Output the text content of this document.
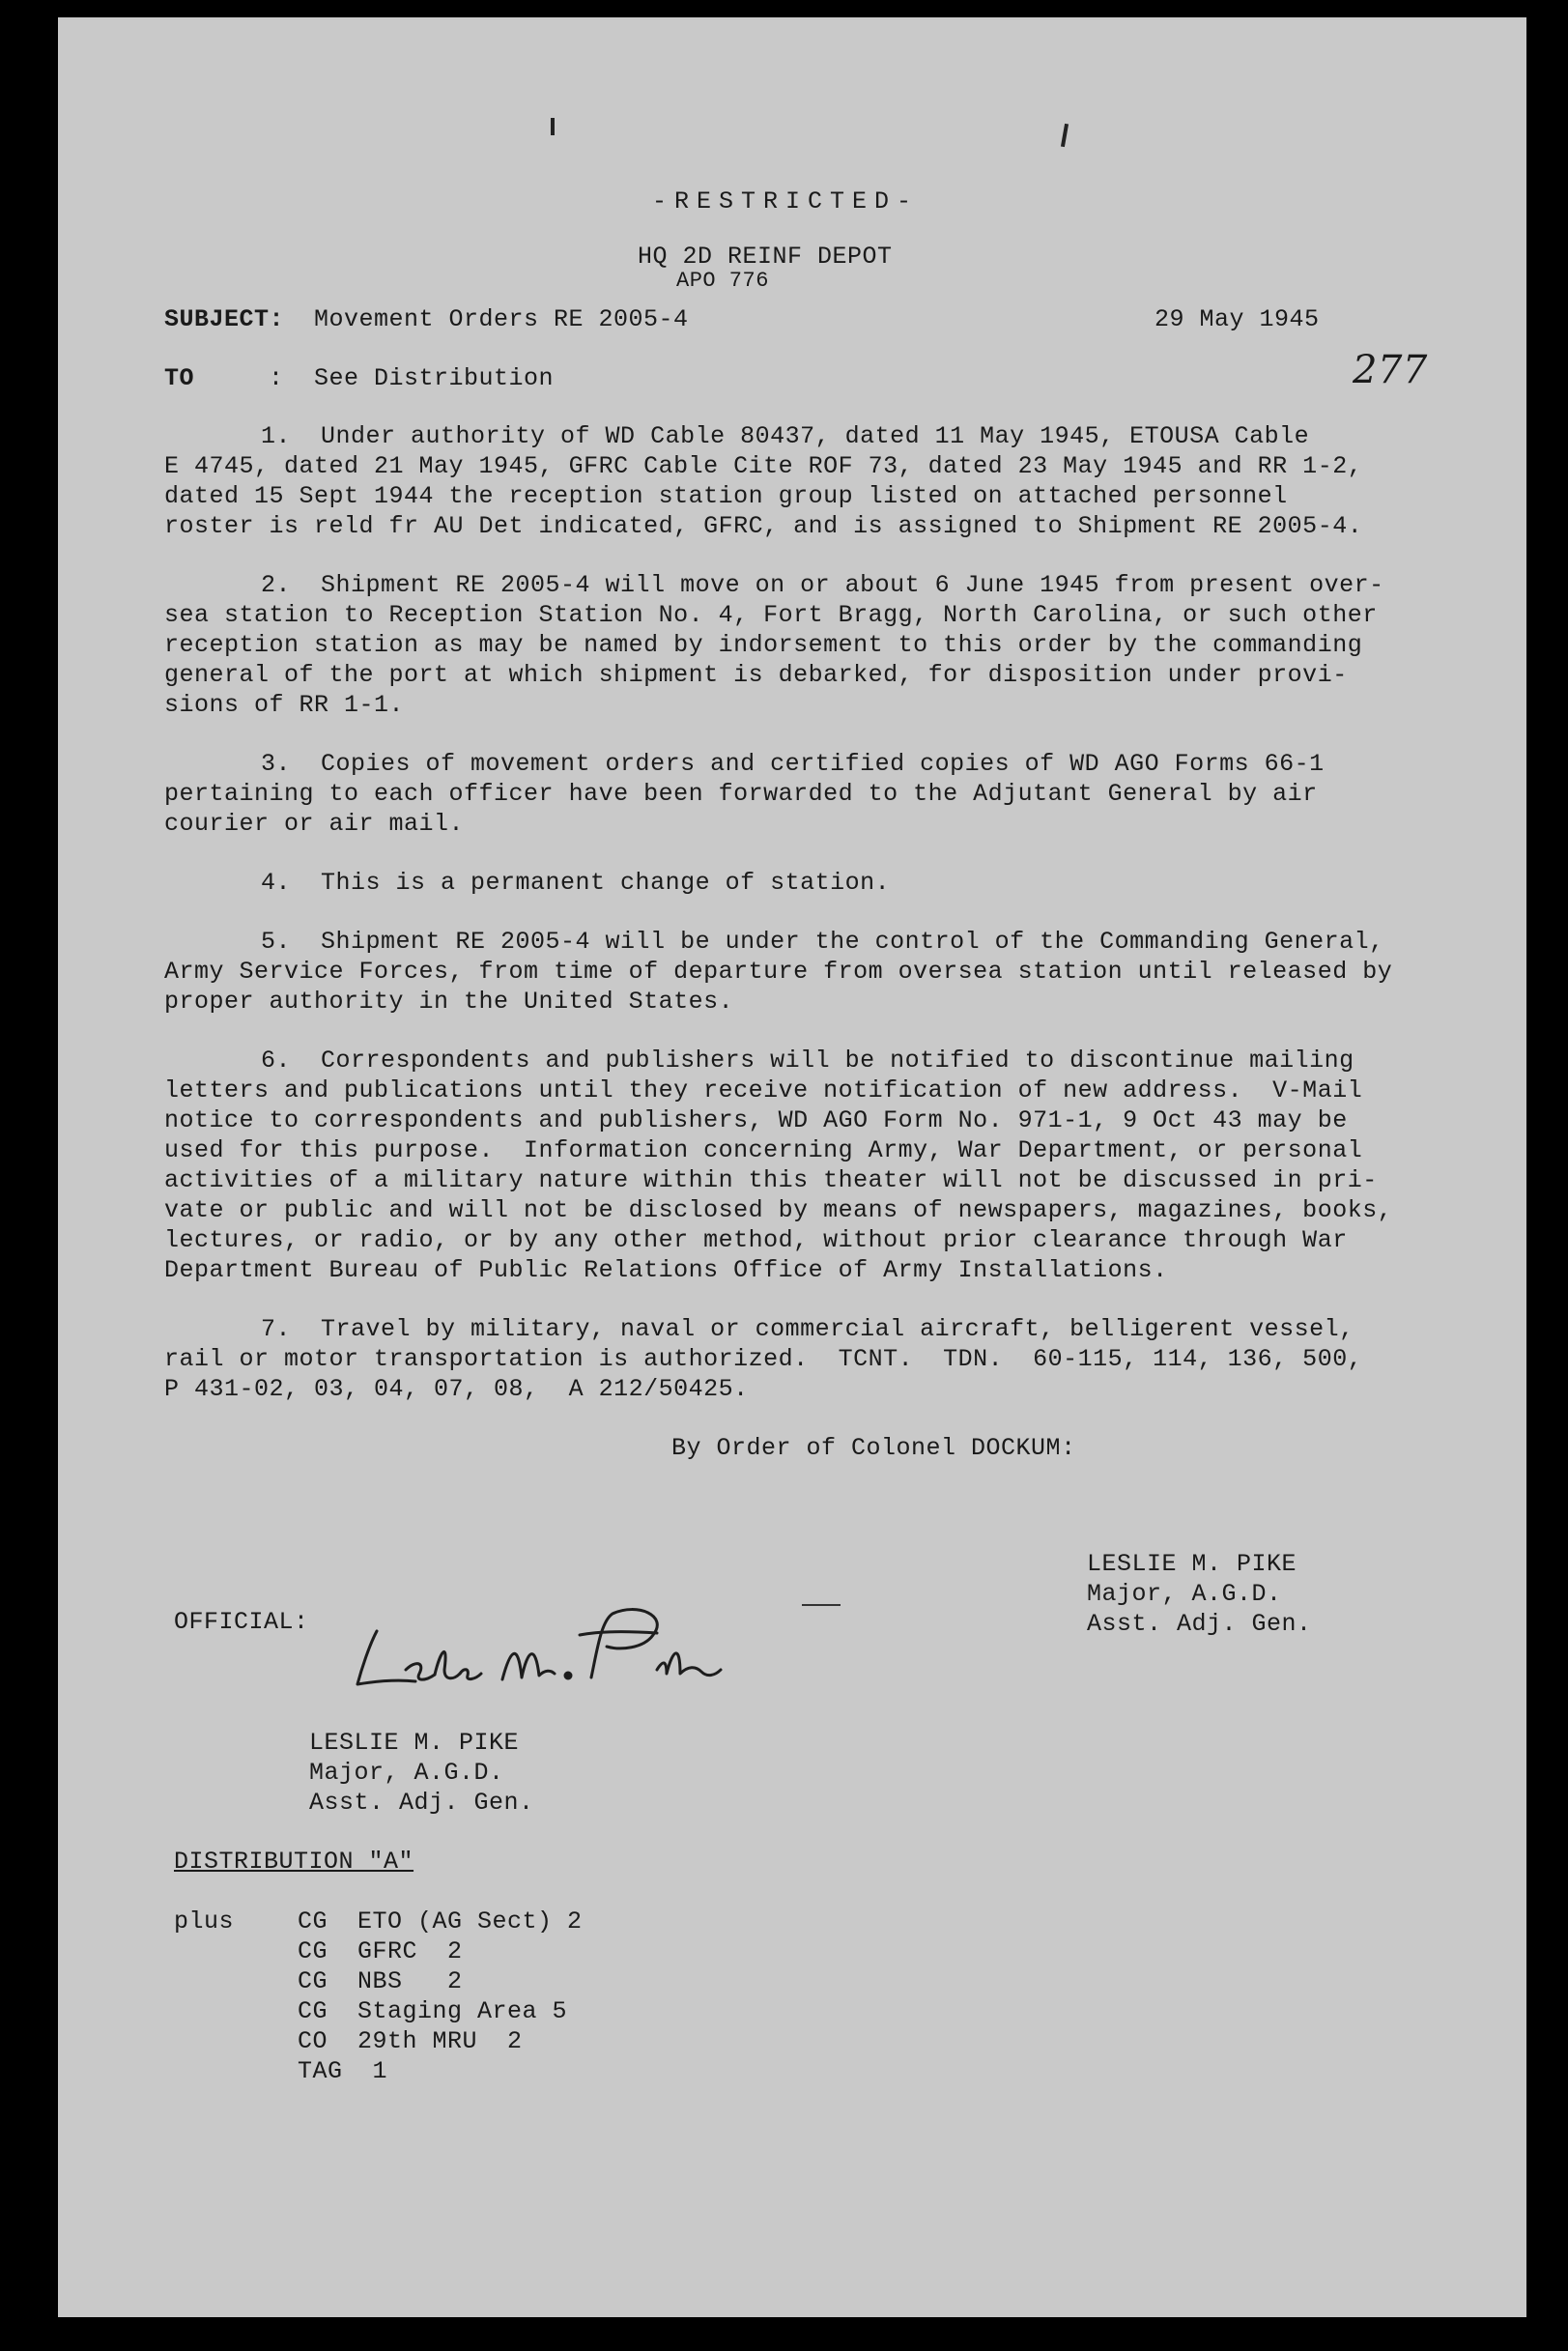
-RESTRICTED-
HQ 2D REINF DEPOT
APO 776
SUBJECT: Movement Orders RE 2005-4	29 May 1945
TO	: See Distribution	277
1.  Under authority of WD Cable 80437, dated 11 May 1945, ETOUSA Cable
E 4745, dated 21 May 1945, GFRC Cable Cite ROF 73, dated 23 May 1945 and RR 1-2,
dated 15 Sept 1944 the reception station group listed on attached personnel
roster is reld fr AU Det indicated, GFRC, and is assigned to Shipment RE 2005-4.
2.  Shipment RE 2005-4 will move on or about 6 June 1945 from present over-
sea station to Reception Station No. 4, Fort Bragg, North Carolina, or such other
reception station as may be named by indorsement to this order by the commanding
general of the port at which shipment is debarked, for disposition under provi-
sions of RR 1-1.
3.  Copies of movement orders and certified copies of WD AGO Forms 66-1
pertaining to each officer have been forwarded to the Adjutant General by air
courier or air mail.
4.  This is a permanent change of station.
5.  Shipment RE 2005-4 will be under the control of the Commanding General,
Army Service Forces, from time of departure from oversea station until released by
proper authority in the United States.
6.  Correspondents and publishers will be notified to discontinue mailing
letters and publications until they receive notification of new address.  V-Mail
notice to correspondents and publishers, WD AGO Form No. 971-1, 9 Oct 43 may be
used for this purpose.  Information concerning Army, War Department, or personal
activities of a military nature within this theater will not be discussed in pri-
vate or public and will not be disclosed by means of newspapers, magazines, books,
lectures, or radio, or by any other method, without prior clearance through War
Department Bureau of Public Relations Office of Army Installations.
7.  Travel by military, naval or commercial aircraft, belligerent vessel,
rail or motor transportation is authorized.  TCNT.  TDN.  60-115, 114, 136, 500,
P 431-02, 03, 04, 07, 08,  A 212/50425.
By Order of Colonel DOCKUM:
LESLIE M. PIKE
Major, A.G.D.
Asst. Adj. Gen.
OFFICIAL:
LESLIE M. PIKE
Major, A.G.D.
Asst. Adj. Gen.
DISTRIBUTION "A"
plus	CG  ETO (AG Sect) 2
CG  GFRC  2
CG  NBS   2
CG  Staging Area 5
CO  29th MRU  2
TAG  1
